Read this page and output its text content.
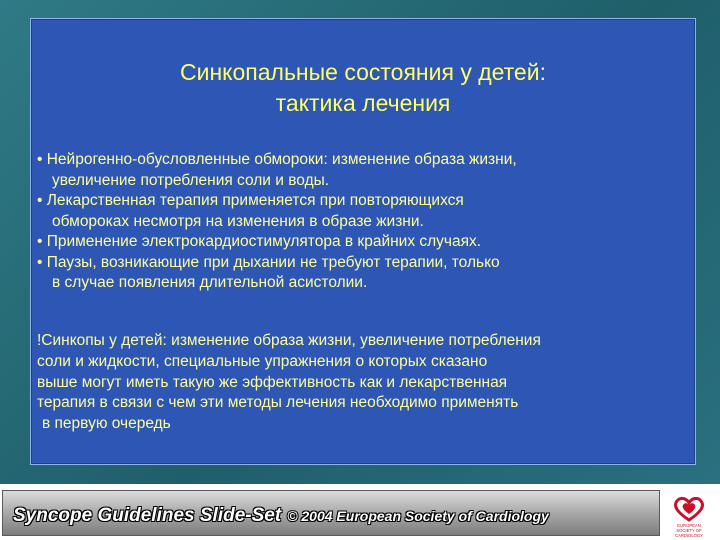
Синкопальные состояния у детей:
тактика лечения
• Нейрогенно-обусловленные обмороки: изменение образа жизни,
увеличение потребления соли и воды.
• Лекарственная терапия применяется при повторяющихся
обмороках несмотря на изменения в образе жизни.
• Применение электрокардиостимулятора в крайних случаях.
• Паузы, возникающие при дыхании не требуют терапии, только
в случае появления длительной асистолии.
!Синкопы у детей: изменение образа жизни, увеличение потребления
соли и жидкости, специальные упражнения о которых сказано
выше могут иметь такую же эффективность как и лекарственная
терапия в связи с чем эти методы лечения необходимо применять
в первую очередь
Syncope Guidelines Slide-Set © 2004 European Society of Cardiology
EUROPEAN
SOCIETY OF
CARDIOLOGY
